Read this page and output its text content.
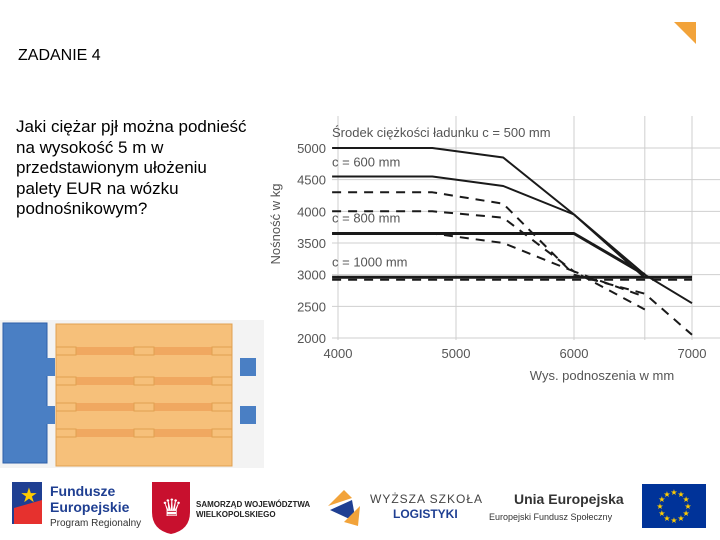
ZADANIE 4
Jaki ciężar pjł można podnieść na wysokość 5 m w przedstawionym ułożeniu palety EUR na wózku podnośnikowym?
Środek ciężkości ładunku c = 500 mm
c = 600 mm
c = 800 mm
c = 1000 mm
2000
2500
3000
3500
4000
4500
5000
4000	5000	6000	7000
Wys. podnoszenia w mm
Nośność w kg
★ Fundusze
Europejskie
Program Regionalny
♛ SAMORZĄD WOJEWÓDZTWA
WIELKOPOLSKIEGO
WYŻSZA SZKOŁA
LOGISTYKI
Unia Europejska
Europejski Fundusz Społeczny
★
★
★
★
★
★
★
★
★ ★ ★
★
